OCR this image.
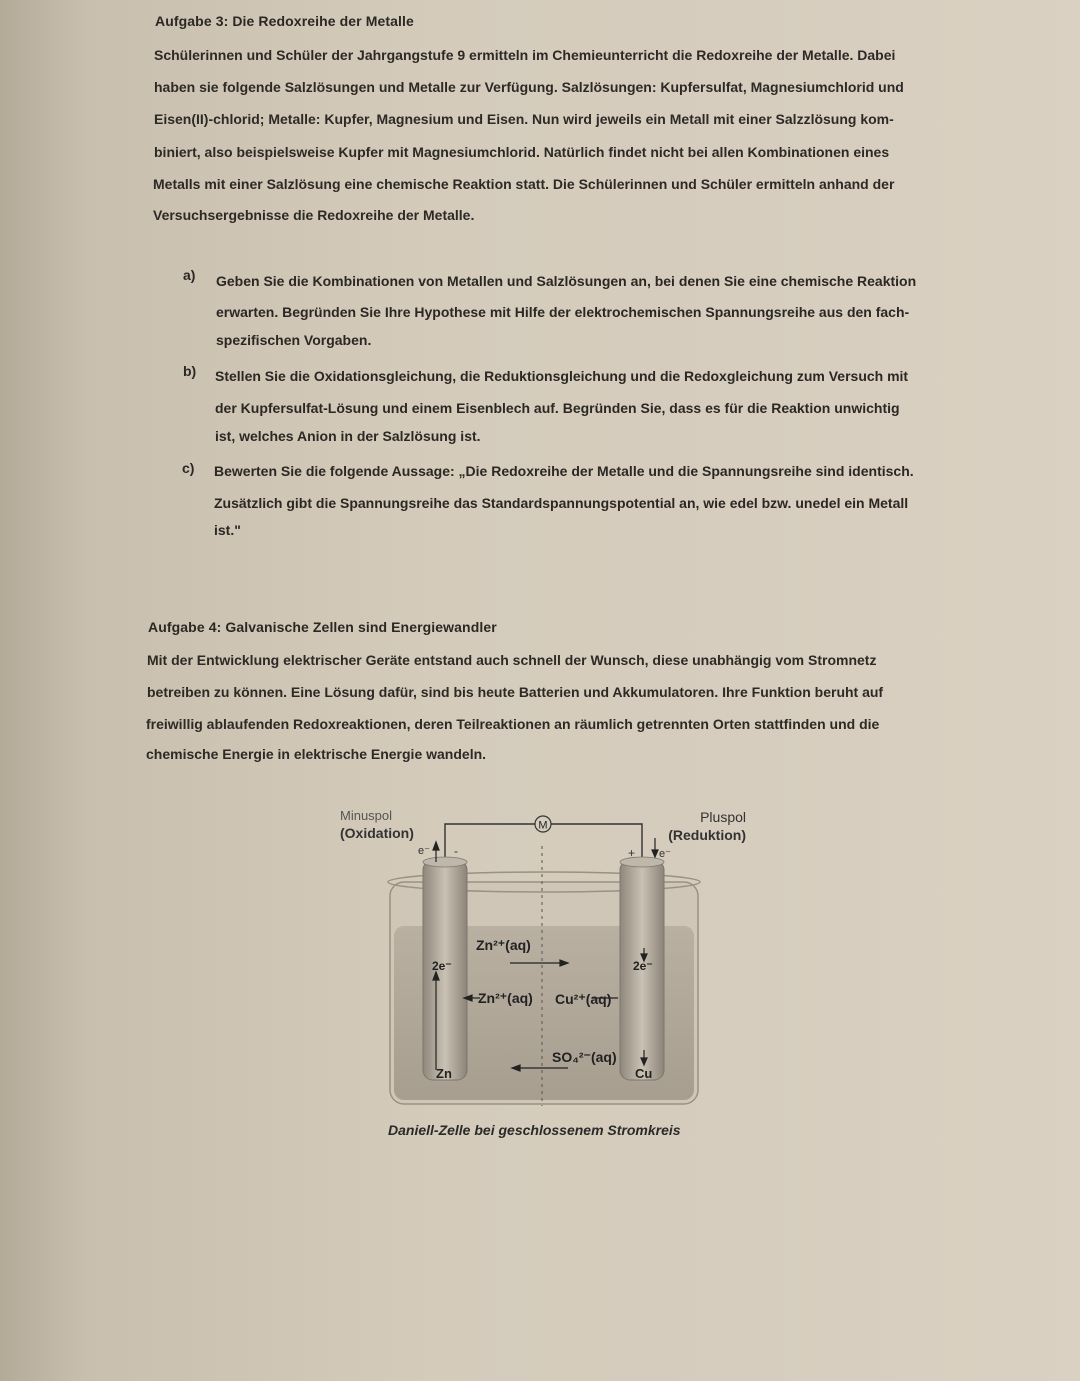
Aufgabe 3: Die Redoxreihe der Metalle
Schülerinnen und Schüler der Jahrgangstufe 9 ermitteln im Chemieunterricht die Redoxreihe der Metalle. Dabei
haben sie folgende Salzlösungen und Metalle zur Verfügung. Salzlösungen: Kupfersulfat, Magnesiumchlorid und
Eisen(II)-chlorid; Metalle: Kupfer, Magnesium und Eisen. Nun wird jeweils ein Metall mit einer Salzzlösung kom-
biniert, also beispielsweise Kupfer mit Magnesiumchlorid. Natürlich findet nicht bei allen Kombinationen eines
Metalls mit einer Salzlösung eine chemische Reaktion statt. Die Schülerinnen und Schüler ermitteln anhand der
Versuchsergebnisse die Redoxreihe der Metalle.
a) Geben Sie die Kombinationen von Metallen und Salzlösungen an, bei denen Sie eine chemische Reaktion
erwarten. Begründen Sie Ihre Hypothese mit Hilfe der elektrochemischen Spannungsreihe aus den fach-
spezifischen Vorgaben.
b) Stellen Sie die Oxidationsgleichung, die Reduktionsgleichung und die Redoxgleichung zum Versuch mit
der Kupfersulfat-Lösung und einem Eisenblech auf. Begründen Sie, dass es für die Reaktion unwichtig
ist, welches Anion in der Salzlösung ist.
c) Bewerten Sie die folgende Aussage: „Die Redoxreihe der Metalle und die Spannungsreihe sind identisch.
Zusätzlich gibt die Spannungsreihe das Standardspannungspotential an, wie edel bzw. unedel ein Metall
ist."
Aufgabe 4: Galvanische Zellen sind Energiewandler
Mit der Entwicklung elektrischer Geräte entstand auch schnell der Wunsch, diese unabhängig vom Stromnetz
betreiben zu können. Eine Lösung dafür, sind bis heute Batterien und Akkumulatoren. Ihre Funktion beruht auf
freiwillig ablaufenden Redoxreaktionen, deren Teilreaktionen an räumlich getrennten Orten stattfinden und die
chemische Energie in elektrische Energie wandeln.
M
Minuspol
(Oxidation)
Pluspol
(Reduktion)
e⁻ -	+ e⁻
Zn²⁺(aq)
2e⁻	2e⁻
Zn²⁺(aq) Cu²⁺(aq)
SO₄²⁻(aq)
Zn	Cu
Daniell-Zelle bei geschlossenem Stromkreis
